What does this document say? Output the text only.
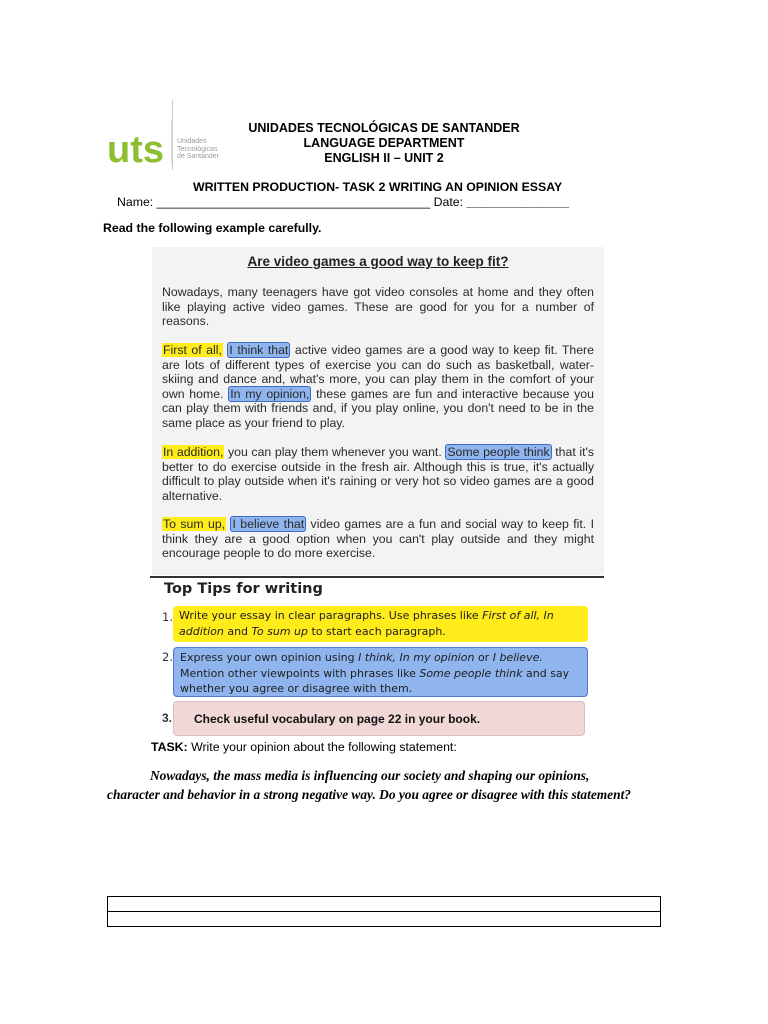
uts Unidades
Tecnológicas
de Santander
UNIDADES TECNOLÓGICAS DE SANTANDER
LANGUAGE DEPARTMENT
ENGLISH II – UNIT 2
WRITTEN PRODUCTION- TASK 2 WRITING AN OPINION ESSAY
Name: ________________________________________ Date: _______________
Read the following example carefully.
Are video games a good way to keep fit?
Nowadays, many teenagers have got video consoles at home and they often like playing active video games. These are good for you for a number of reasons.
First of all, I think that active video games are a good way to keep fit. There are lots of different types of exercise you can do such as basketball, water-skiing and dance and, what's more, you can play them in the comfort of your own home. In my opinion, these games are fun and interactive because you can play them with friends and, if you play online, you don't need to be in the same place as your friend to play.
In addition, you can play them whenever you want. Some people think that it's better to do exercise outside in the fresh air. Although this is true, it's actually difficult to play outside when it's raining or very hot so video games are a good alternative.
To sum up, I believe that video games are a fun and social way to keep fit. I think they are a good option when you can't play outside and they might encourage people to do more exercise.
Top Tips for writing
1. Write your essay in clear paragraphs. Use phrases like First of all, In addition and To sum up to start each paragraph.
2. Express your own opinion using I think, In my opinion or I believe. Mention other viewpoints with phrases like Some people think and say whether you agree or disagree with them.
3. Check useful vocabulary on page 22 in your book.
TASK: Write your opinion about the following statement:
Nowadays, the mass media is influencing our society and shaping our opinions, character and behavior in a strong negative way. Do you agree or disagree with this statement?
